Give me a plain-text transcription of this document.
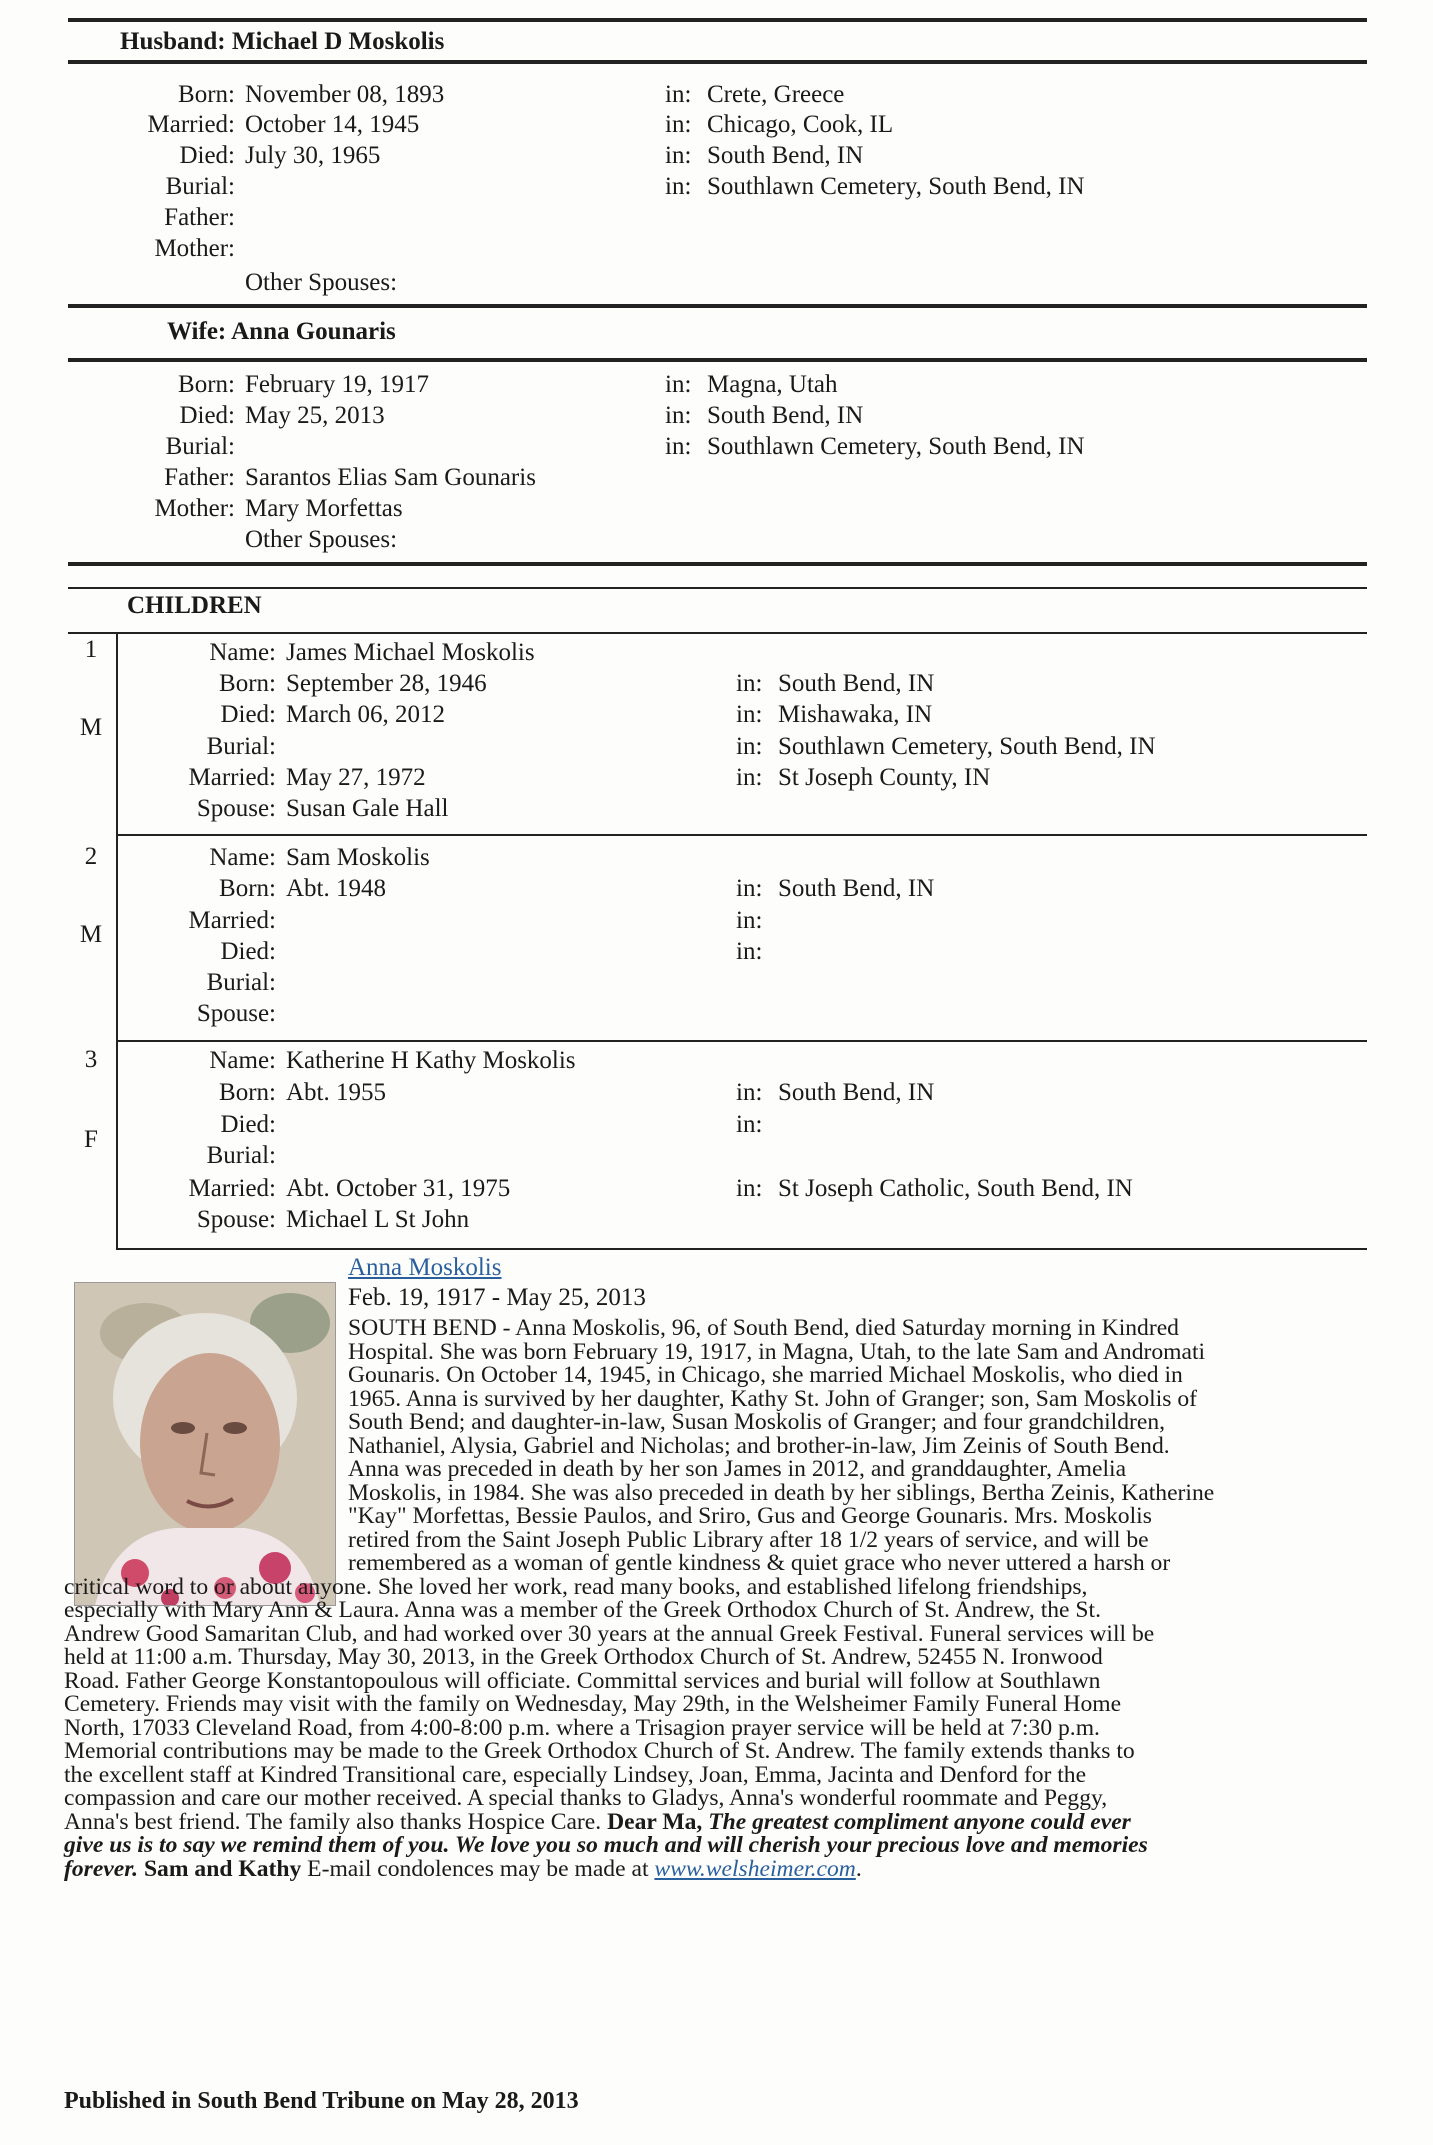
Husband: Michael D Moskolis
Born: November 08, 1893	in: Crete, Greece
Married: October 14, 1945	in: Chicago, Cook, IL
Died: July 30, 1965	in: South Bend, IN
Burial:	in: Southlawn Cemetery, South Bend, IN
Father:
Mother:
Other Spouses:
Wife: Anna Gounaris
Born: February 19, 1917	in: Magna, Utah
Died: May 25, 2013	in: South Bend, IN
Burial:	in: Southlawn Cemetery, South Bend, IN
Father: Sarantos Elias Sam Gounaris
Mother: Mary Morfettas
Other Spouses:
CHILDREN
1
M
Name: James Michael Moskolis
Born: September 28, 1946	in: South Bend, IN
Died: March 06, 2012	in: Mishawaka, IN
Burial:	in: Southlawn Cemetery, South Bend, IN
Married: May 27, 1972	in: St Joseph County, IN
Spouse: Susan Gale Hall
2
M
Name: Sam Moskolis
Born: Abt. 1948	in: South Bend, IN
Married:	in:
Died:	in:
Burial:
Spouse:
3
F
Name: Katherine H Kathy Moskolis
Born: Abt. 1955	in: South Bend, IN
Died:	in:
Burial:
Married: Abt. October 31, 1975	in: St Joseph Catholic, South Bend, IN
Spouse: Michael L St John
Anna Moskolis
Feb. 19, 1917 - May 25, 2013
SOUTH BEND - Anna Moskolis, 96, of South Bend, died Saturday morning in Kindred
Hospital. She was born February 19, 1917, in Magna, Utah, to the late Sam and Andromati
Gounaris. On October 14, 1945, in Chicago, she married Michael Moskolis, who died in
1965. Anna is survived by her daughter, Kathy St. John of Granger; son, Sam Moskolis of
South Bend; and daughter-in-law, Susan Moskolis of Granger; and four grandchildren,
Nathaniel, Alysia, Gabriel and Nicholas; and brother-in-law, Jim Zeinis of South Bend.
Anna was preceded in death by her son James in 2012, and granddaughter, Amelia
Moskolis, in 1984. She was also preceded in death by her siblings, Bertha Zeinis, Katherine
"Kay" Morfettas, Bessie Paulos, and Sriro, Gus and George Gounaris. Mrs. Moskolis
retired from the Saint Joseph Public Library after 18 1/2 years of service, and will be
remembered as a woman of gentle kindness & quiet grace who never uttered a harsh or
critical word to or about anyone. She loved her work, read many books, and established lifelong friendships,
especially with Mary Ann & Laura. Anna was a member of the Greek Orthodox Church of St. Andrew, the St.
Andrew Good Samaritan Club, and had worked over 30 years at the annual Greek Festival. Funeral services will be
held at 11:00 a.m. Thursday, May 30, 2013, in the Greek Orthodox Church of St. Andrew, 52455 N. Ironwood
Road. Father George Konstantopoulous will officiate. Committal services and burial will follow at Southlawn
Cemetery. Friends may visit with the family on Wednesday, May 29th, in the Welsheimer Family Funeral Home
North, 17033 Cleveland Road, from 4:00-8:00 p.m. where a Trisagion prayer service will be held at 7:30 p.m.
Memorial contributions may be made to the Greek Orthodox Church of St. Andrew. The family extends thanks to
the excellent staff at Kindred Transitional care, especially Lindsey, Joan, Emma, Jacinta and Denford for the
compassion and care our mother received. A special thanks to Gladys, Anna's wonderful roommate and Peggy,
Anna's best friend. The family also thanks Hospice Care. Dear Ma, The greatest compliment anyone could ever
give us is to say we remind them of you. We love you so much and will cherish your precious love and memories
forever. Sam and Kathy E-mail condolences may be made at www.welsheimer.com.
Published in South Bend Tribune on May 28, 2013
